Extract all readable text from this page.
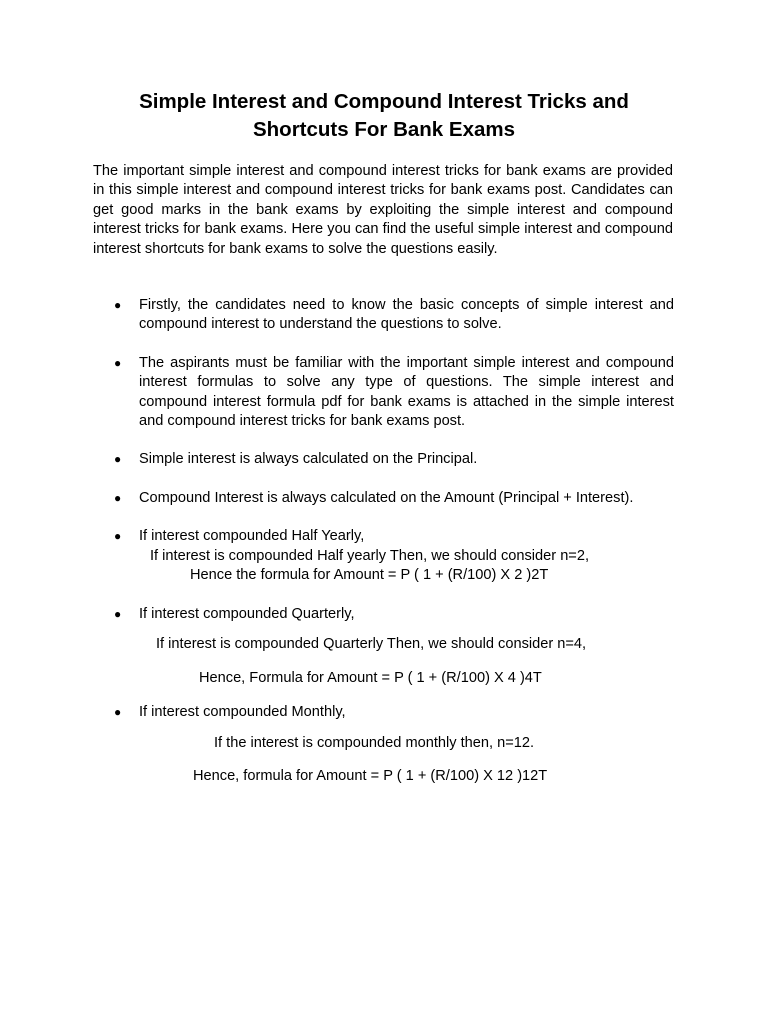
Simple Interest and Compound Interest Tricks and Shortcuts For Bank Exams

The important simple interest and compound interest tricks for bank exams are provided in this simple interest and compound interest tricks for bank exams post. Candidates can get good marks in the bank exams by exploiting the simple interest and compound interest tricks for bank exams. Here you can find the useful simple interest and compound interest shortcuts for bank exams to solve the questions easily.

● Firstly, the candidates need to know the basic concepts of simple interest and compound interest to understand the questions to solve.

● The aspirants must be familiar with the important simple interest and compound interest formulas to solve any type of questions. The simple interest and compound interest formula pdf for bank exams is attached in the simple interest and compound interest tricks for bank exams post.

● Simple interest is always calculated on the Principal.

● Compound Interest is always calculated on the Amount (Principal + Interest).

● If interest compounded Half Yearly,

If interest is compounded Half yearly Then, we should consider n=2,

Hence the formula for Amount = P ( 1 + (R/100) X 2 )2T

● If interest compounded Quarterly,

If interest is compounded Quarterly Then, we should consider n=4,

Hence, Formula for Amount = P ( 1 + (R/100) X 4 )4T

● If interest compounded Monthly,

If the interest is compounded monthly then, n=12.

Hence, formula for Amount = P ( 1 + (R/100) X 12 )12T
